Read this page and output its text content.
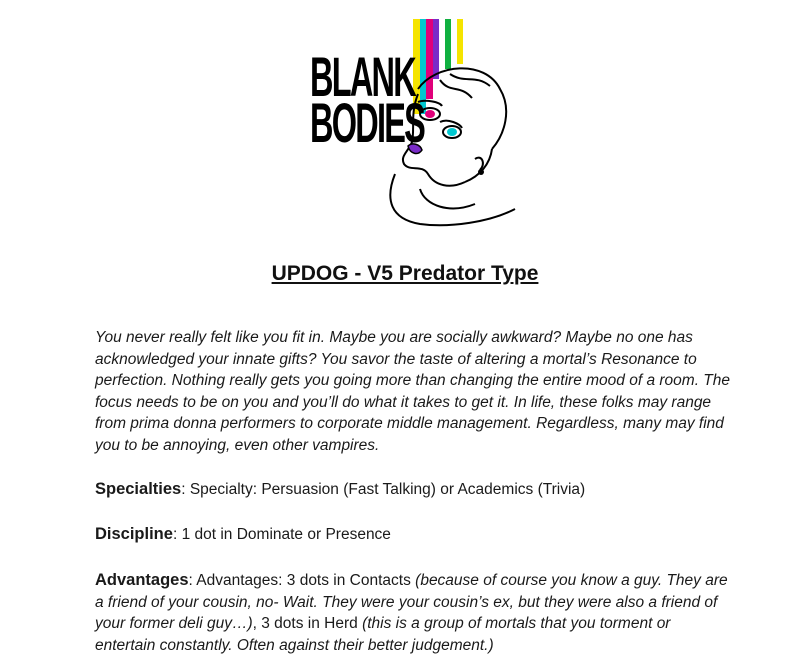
BLANK
BODIES
UPDOG - V5 Predator Type
You never really felt like you fit in. Maybe you are socially awkward? Maybe no one has acknowledged your innate gifts? You savor the taste of altering a mortal’s Resonance to perfection. Nothing really gets you going more than changing the entire mood of a room. The focus needs to be on you and you’ll do what it takes to get it. In life, these folks may range from prima donna performers to corporate middle management. Regardless, many may find you to be annoying, even other vampires.
Specialties: Specialty: Persuasion (Fast Talking) or Academics (Trivia)
Discipline: 1 dot in Dominate or Presence
Advantages: Advantages: 3 dots in Contacts (because of course you know a guy. They are a friend of your cousin, no- Wait. They were your cousin’s ex, but they were also a friend of your former deli guy…), 3 dots in Herd (this is a group of mortals that you torment or entertain constantly. Often against their better judgement.)
